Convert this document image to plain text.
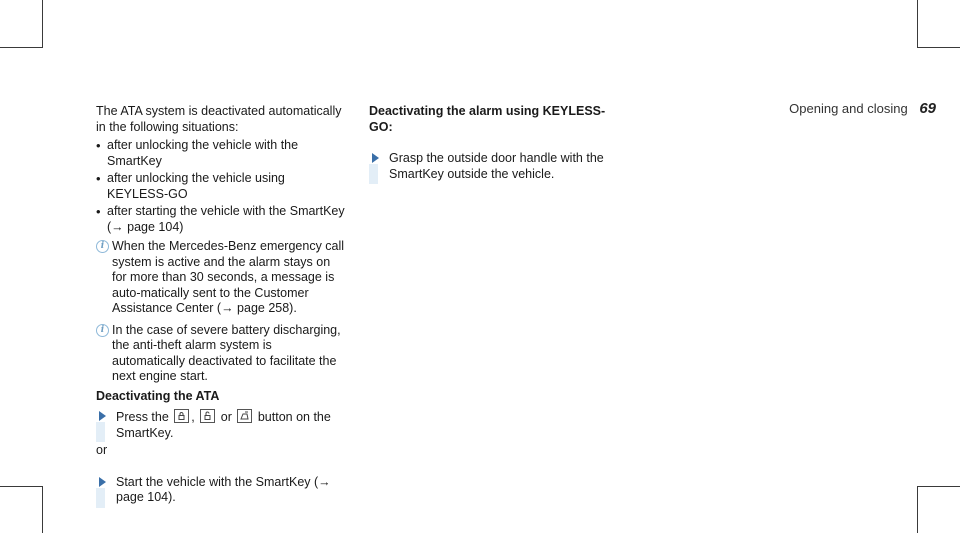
Opening and closing 69

The ATA system is deactivated automatically in the following situations:

• after unlocking the vehicle with the SmartKey
• after unlocking the vehicle using KEYLESS-GO
• after starting the vehicle with the SmartKey (→ page 104)
i When the Mercedes-Benz emergency call system is active and the alarm stays on for more than 30 seconds, a message is auto-matically sent to the Customer Assistance Center (→ page 258).
i In the case of severe battery discharging, the anti-theft alarm system is automatically deactivated to facilitate the next engine start.
Deactivating the ATA
Press the , or button on the SmartKey.
or
Start the vehicle with the SmartKey (→ page 104).
Deactivating the alarm using KEYLESS-GO:
Grasp the outside door handle with the SmartKey outside the vehicle.
